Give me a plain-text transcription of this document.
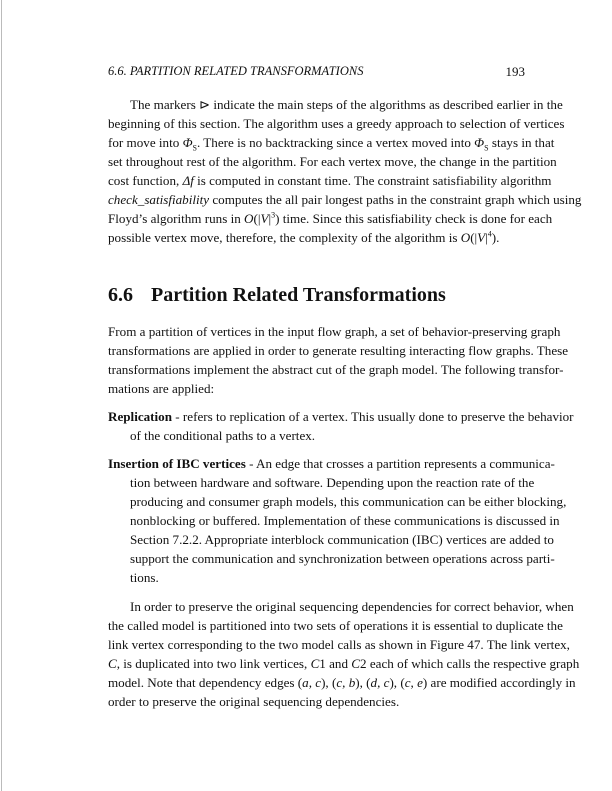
6.6. PARTITION RELATED TRANSFORMATIONS	193
6.6 Partition Related Transformations
The markers ⊳ indicate the main steps of the algorithms as described earlier in the
beginning of this section. The algorithm uses a greedy approach to selection of vertices
for move into $\Phi_S$. There is no backtracking since a vertex moved into $\Phi_S$ stays in that
set throughout rest of the algorithm. For each vertex move, the change in the partition
cost function, Δf is computed in constant time. The constraint satisfiability algorithm
check_satisfiability computes the all pair longest paths in the constraint graph which using
Floyd’s algorithm runs in $O(|V|^3)$ time. Since this satisfiability check is done for each
possible vertex move, therefore, the complexity of the algorithm is $O(|V|^4)$.
From a partition of vertices in the input flow graph, a set of behavior-preserving graph
transformations are applied in order to generate resulting interacting flow graphs. These
transformations implement the abstract cut of the graph model. The following transfor-
mations are applied:
Replication - refers to replication of a vertex. This usually done to preserve the behavior
of the conditional paths to a vertex.
Insertion of IBC vertices - An edge that crosses a partition represents a communica-
tion between hardware and software. Depending upon the reaction rate of the
producing and consumer graph models, this communication can be either blocking,
nonblocking or buffered. Implementation of these communications is discussed in
Section 7.2.2. Appropriate interblock communication (IBC) vertices are added to
support the communication and synchronization between operations across parti-
tions.
In order to preserve the original sequencing dependencies for correct behavior, when
the called model is partitioned into two sets of operations it is essential to duplicate the
link vertex corresponding to the two model calls as shown in Figure 47. The link vertex,
C, is duplicated into two link vertices, C1 and C2 each of which calls the respective graph
model. Note that dependency edges (a, c), (c, b), (d, c), (c, e) are modified accordingly in
order to preserve the original sequencing dependencies.
